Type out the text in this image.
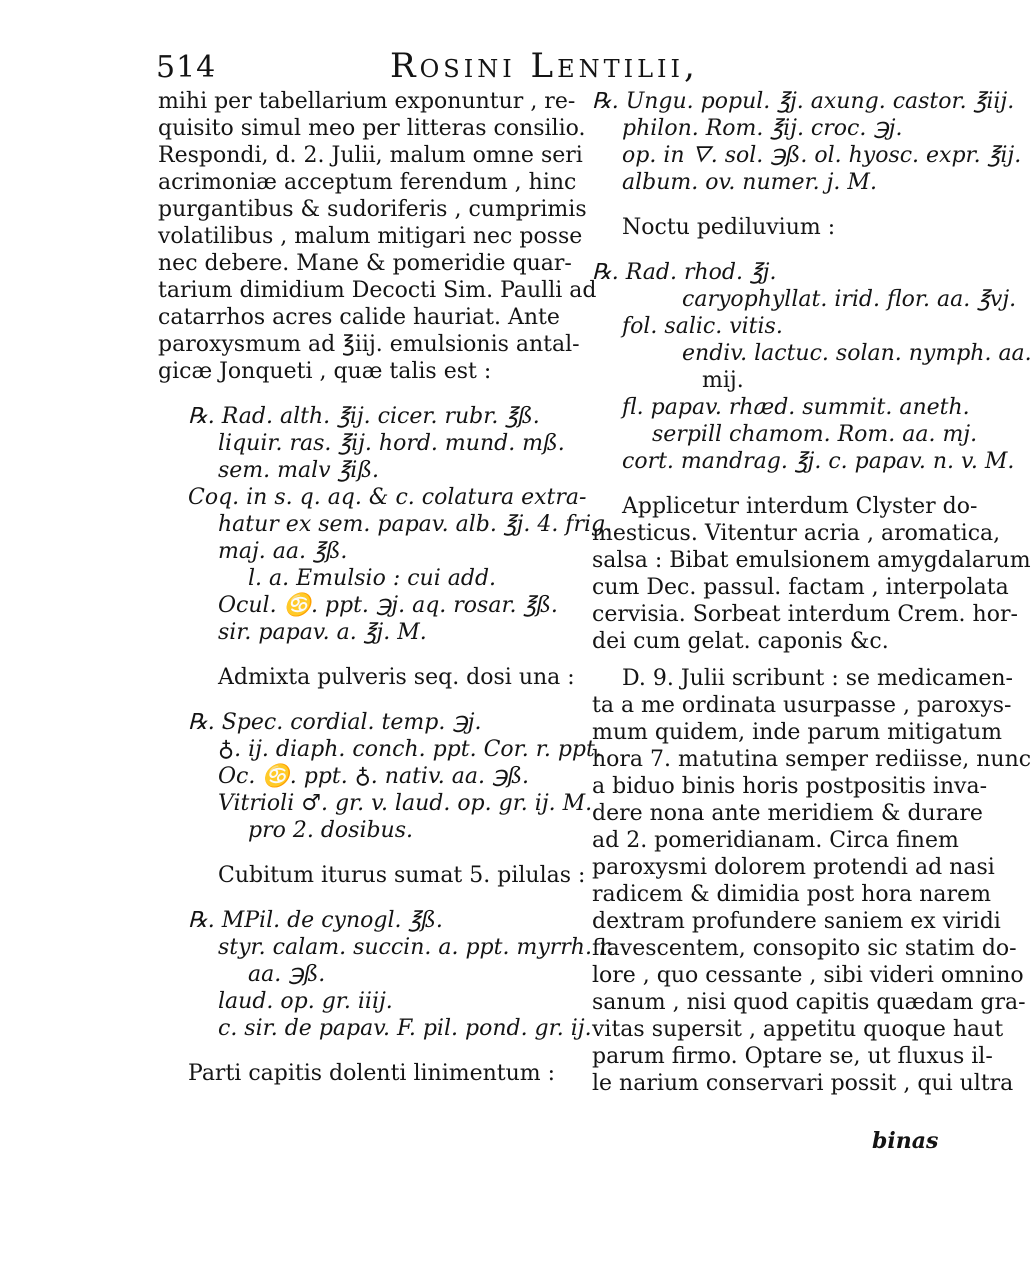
514	Rosini Lentilii,
mihi per tabellarium exponuntur , re-
quisito simul meo per litteras consilio.
Respondi, d. 2. Julii, malum omne seri
acrimoniæ acceptum ferendum , hinc
purgantibus & sudoriferis , cumprimis
volatilibus , malum mitigari nec posse
nec debere. Mane & pomeridie quar-
tarium dimidium Decocti Sim. Paulli ad
catarrhos acres calide hauriat. Ante
paroxysmum ad ℥iij. emulsionis antal-
gicæ Jonqueti , quæ talis est :
℞. Rad. alth. ℥ij. cicer. rubr. ℥ß.
liquir. ras. ℥ij. hord. mund. mß.
sem. malv ℥iß.
Coq. in s. q. aq. & c. colatura extra-
hatur ex sem. papav. alb. ℥j. 4. frig.
maj. aa. ℥ß.
l. a. Emulsio : cui add.
Ocul. ♋. ppt. ℈j. aq. rosar. ℥ß.
sir. papav. a. ℥j. M.
Admixta pulveris seq. dosi una :
℞. Spec. cordial. temp. ℈j.
♁. ij. diaph. conch. ppt. Cor. r. ppt.
Oc. ♋. ppt. ♁. nativ. aa. ℈ß.
Vitrioli ♂. gr. v. laud. op. gr. ij. M.
pro 2. dosibus.
Cubitum iturus sumat 5. pilulas :
℞. MPil. de cynogl. ℥ß.
styr. calam. succin. a. ppt. myrrh. r.
aa. ℈ß.
laud. op. gr. iiij.
c. sir. de papav. F. pil. pond. gr. ij.
Parti capitis dolenti linimentum :
℞. Ungu. popul. ℥j. axung. castor. ℥iij.
philon. Rom. ℥ij. croc. ℈j.
op. in 🜄. sol. ℈ß. ol. hyosc. expr. ℥ij.
album. ov. numer. j. M.
Noctu pediluvium :
℞. Rad. rhod. ℥j.
caryophyllat. irid. flor. aa. ℥vj.
fol. salic. vitis.
endiv. lactuc. solan. nymph. aa.
mij.
fl. papav. rhæd. summit. aneth.
serpill chamom. Rom. aa. mj.
cort. mandrag. ℥j. c. papav. n. v. M.
Applicetur interdum Clyster do-
mesticus. Vitentur acria , aromatica,
salsa : Bibat emulsionem amygdalarum
cum Dec. passul. factam , interpolata
cervisia. Sorbeat interdum Crem. hor-
dei cum gelat. caponis &c.
D. 9. Julii scribunt : se medicamen-
ta a me ordinata usurpasse , paroxys-
mum quidem, inde parum mitigatum
hora 7. matutina semper rediisse, nunc
a biduo binis horis postpositis inva-
dere nona ante meridiem & durare
ad 2. pomeridianam. Circa finem
paroxysmi dolorem protendi ad nasi
radicem & dimidia post hora narem
dextram profundere saniem ex viridi
flavescentem, consopito sic statim do-
lore , quo cessante , sibi videri omnino
sanum , nisi quod capitis quædam gra-
vitas supersit , appetitu quoque haut
parum firmo. Optare se, ut fluxus il-
le narium conservari possit , qui ultra
binas
